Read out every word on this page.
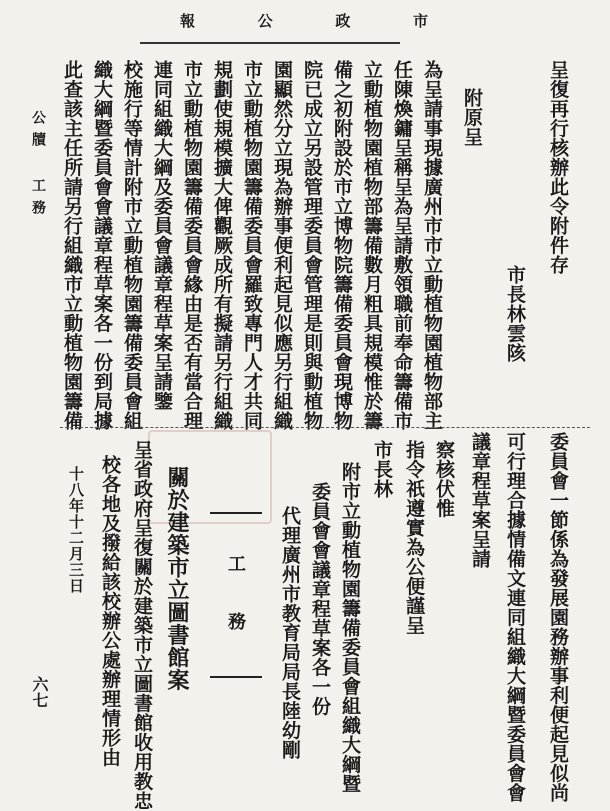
報	公	政	市
公牘 工務
六七
呈復再行核辦此令附件存
市長林雲陔
附原呈
為呈請事現據廣州市市立動植物園植物部主
任陳煥鏞呈稱呈為呈請敷領職前奉命籌備市
立動植物園植物部籌備數月粗具規模惟於籌
備之初附設於市立博物院籌備委員會現博物
院已成立另設管理委員會管理是則與動植物
園顯然分立現為辦事便利起見似應另行組織
市立動植物園籌備委員會羅致專門人才共同
規劃使規模擴大俾觀厥成所有擬請另行組織
市立動植物園籌備委員會緣由是否有當合理
連同組織大綱及委員會議章程草案呈請鑒
校施行等情計附市立動植物園籌備委員會組
織大綱暨委員會會議章程草案各一份到局據
此查該主任所請另行組織市立動植物園籌備
委員會一節係為發展園務辦事利便起見似尚
可行理合據情備文連同組織大綱暨委員會會
議章程草案呈請
察核伏惟
指令祇遵實為公便謹呈
市長林
附市立動植物園籌備委員會組織大綱暨
委員會會議章程草案各一份
代理廣州市教育局局長陸幼剛
工務
關於建築市立圖書館案
呈省政府呈復關於建築市立圖書館收用教忠
校各地及撥給該校辦公處辦理情形由
十八年十二月三日
